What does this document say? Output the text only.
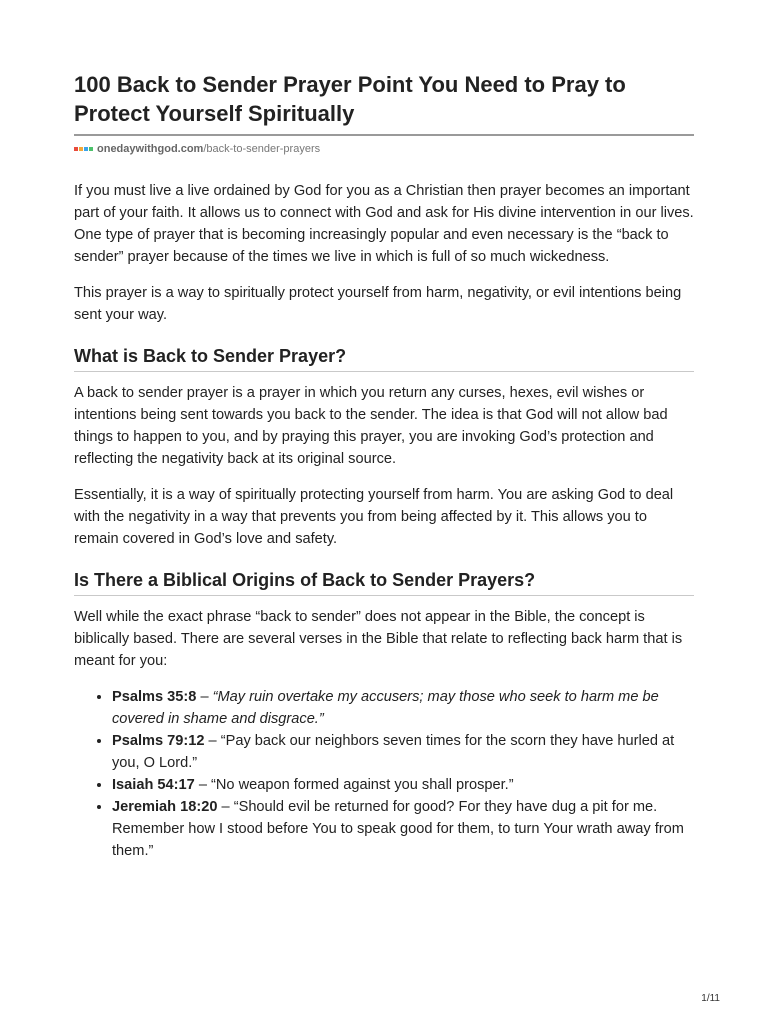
100 Back to Sender Prayer Point You Need to Pray to Protect Yourself Spiritually
onedaywithgod.com /back-to-sender-prayers

If you must live a live ordained by God for you as a Christian then prayer becomes an important part of your faith. It allows us to connect with God and ask for His divine intervention in our lives. One type of prayer that is becoming increasingly popular and even necessary is the “back to sender” prayer because of the times we live in which is full of so much wickedness.

This prayer is a way to spiritually protect yourself from harm, negativity, or evil intentions being sent your way.

What is Back to Sender Prayer?

A back to sender prayer is a prayer in which you return any curses, hexes, evil wishes or intentions being sent towards you back to the sender. The idea is that God will not allow bad things to happen to you, and by praying this prayer, you are invoking God’s protection and reflecting the negativity back at its original source.

Essentially, it is a way of spiritually protecting yourself from harm. You are asking God to deal with the negativity in a way that prevents you from being affected by it. This allows you to remain covered in God’s love and safety.

Is There a Biblical Origins of Back to Sender Prayers?

Well while the exact phrase “back to sender” does not appear in the Bible, the concept is biblically based. There are several verses in the Bible that relate to reflecting back harm that is meant for you:

• Psalms 35:8 – “May ruin overtake my accusers; may those who seek to harm me be covered in shame and disgrace.”
• Psalms 79:12 – “Pay back our neighbors seven times for the scorn they have hurled at you, O Lord.”
• Isaiah 54:17 – “No weapon formed against you shall prosper.”
• Jeremiah 18:20 – “Should evil be returned for good? For they have dug a pit for me. Remember how I stood before You to speak good for them, to turn Your wrath away from them.”
1/11
